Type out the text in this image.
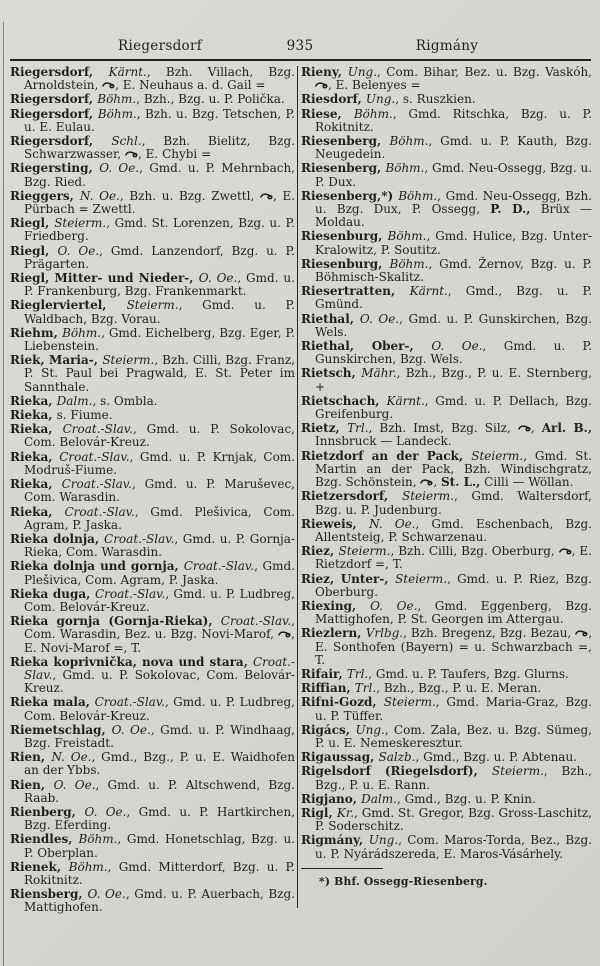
Riegersdorf	935	Rigmány
Riegersdorf, Kärnt., Bzh. Villach, Bzg. Arnoldstein,
, E. Neuhaus a. d. Gail =
Riegersdorf, Böhm., Bzh., Bzg. u. P. Polička.
Riegersdorf, Böhm., Bzh. u. Bzg. Tetschen, P. u. E. Eulau.
Riegersdorf, Schl., Bzh. Bielitz, Bzg. Schwarzwasser,
, E. Chybi =
Riegersting, O. Oe., Gmd. u. P. Mehrnbach, Bzg. Ried.
Rieggers, N. Oe., Bzh. u. Bzg. Zwettl,
, E. Pürbach = Zwettl.
Riegl, Steierm., Gmd. St. Lorenzen, Bzg. u. P. Friedberg.
Riegl, O. Oe., Gmd. Lanzendorf, Bzg. u. P. Prägarten.
Riegl, Mitter- und Nieder-, O. Oe., Gmd. u. P. Frankenburg, Bzg. Frankenmarkt.
Rieglerviertel, Steierm., Gmd. u. P. Waldbach, Bzg. Vorau.
Riehm, Böhm., Gmd. Eichelberg, Bzg. Eger, P. Liebenstein.
Riek, Maria-, Steierm., Bzh. Cilli, Bzg. Franz, P. St. Paul bei Pragwald, E. St. Peter im Sannthale.
Rieka, Dalm., s. Ombla.
Rieka, s. Fiume.
Rieka, Croat.-Slav., Gmd. u. P. Sokolovac, Com. Belovár-Kreuz.
Rieka, Croat.-Slav., Gmd. u. P. Krnjak, Com. Modruš-Fiume.
Rieka, Croat.-Slav., Gmd. u. P. Maruševec, Com. Warasdin.
Rieka, Croat.-Slav., Gmd. Plešivica, Com. Agram, P. Jaska.
Rieka dolnja, Croat.-Slav., Gmd. u. P. Gornja-Rieka, Com. Warasdin.
Rieka dolnja und gornja, Croat.-Slav., Gmd. Plešivica, Com. Agram, P. Jaska.
Rieka duga, Croat.-Slav., Gmd. u. P. Ludbreg, Com. Belovár-Kreuz.
Rieka gornja (Gornja-Rieka), Croat.-Slav., Com. Warasdin, Bez. u. Bzg. Novi-Marof,
, E. Novi-Marof =, T.
Rieka koprivnička, nova und stara, Croat.-Slav., Gmd. u. P. Sokolovac, Com. Belovár-Kreuz.
Rieka mala, Croat.-Slav., Gmd. u. P. Ludbreg, Com. Belovár-Kreuz.
Riemetschlag, O. Oe., Gmd. u. P. Windhaag, Bzg. Freistadt.
Rien, N. Oe., Gmd., Bzg., P. u. E. Waidhofen an der Ybbs.
Rien, O. Oe., Gmd. u. P. Altschwend, Bzg. Raab.
Rienberg, O. Oe., Gmd. u. P. Hartkirchen, Bzg. Eferding.
Riendles, Böhm., Gmd. Honetschlag, Bzg. u. P. Oberplan.
Rienek, Böhm., Gmd. Mitterdorf, Bzg. u. P. Rokitnitz.
Riensberg, O. Oe., Gmd. u. P. Auerbach, Bzg. Mattighofen.
Rieny, Ung., Com. Bihar, Bez. u. Bzg. Vaskóh,
, E. Belenyes =
Riesdorf, Ung., s. Ruszkien.
Riese, Böhm., Gmd. Ritschka, Bzg. u. P. Rokitnitz.
Riesenberg, Böhm., Gmd. u. P. Kauth, Bzg. Neugedein.
Riesenberg, Böhm., Gmd. Neu-Ossegg, Bzg. u. P. Dux.
Riesenberg,*) Böhm., Gmd. Neu-Ossegg, Bzh. u. Bzg. Dux, P. Ossegg, P. D., Brüx — Moldau.
Riesenburg, Böhm., Gmd. Hulice, Bzg. Unter-Kralowitz, P. Soutitz.
Riesenburg, Böhm., Gmd. Žernov, Bzg. u. P. Böhmisch-Skalitz.
Riesertratten, Kärnt., Gmd., Bzg. u. P. Gmünd.
Riethal, O. Oe., Gmd. u. P. Gunskirchen, Bzg. Wels.
Riethal, Ober-, O. Oe., Gmd. u. P. Gunskirchen, Bzg. Wels.
Rietsch, Mähr., Bzh., Bzg., P. u. E. Sternberg, +
Rietschach, Kärnt., Gmd. u. P. Dellach, Bzg. Greifenburg.
Rietz, Trl., Bzh. Imst, Bzg. Silz,
, Arl. B., Innsbruck — Landeck.
Rietzdorf an der Pack, Steierm., Gmd. St. Martin an der Pack, Bzh. Windischgratz, Bzg. Schönstein,
, St. L., Cilli — Wöllan.
Rietzersdorf, Steierm., Gmd. Waltersdorf, Bzg. u. P. Judenburg.
Rieweis, N. Oe., Gmd. Eschenbach, Bzg. Allentsteig, P. Schwarzenau.
Riez, Steierm., Bzh. Cilli, Bzg. Oberburg,
, E. Rietzdorf =, T.
Riez, Unter-, Steierm., Gmd. u. P. Riez, Bzg. Oberburg.
Riexing, O. Oe., Gmd. Eggenberg, Bzg. Mattighofen, P. St. Georgen im Attergau.
Riezlern, Vrlbg., Bzh. Bregenz, Bzg. Bezau,
, E. Sonthofen (Bayern) = u. Schwarzbach =, T.
Rifair, Trl., Gmd. u. P. Taufers, Bzg. Glurns.
Riffian, Trl., Bzh., Bzg., P. u. E. Meran.
Rifni-Gozd, Steierm., Gmd. Maria-Graz, Bzg. u. P. Tüffer.
Rigács, Ung., Com. Zala, Bez. u. Bzg. Sümeg, P. u. E. Nemeskeresztur.
Rigaussag, Salzb., Gmd., Bzg. u. P. Abtenau.
Rigelsdorf (Riegelsdorf), Steierm., Bzh., Bzg., P. u. E. Rann.
Rigjano, Dalm., Gmd., Bzg. u. P. Knin.
Rigl, Kr., Gmd. St. Gregor, Bzg. Gross-Laschitz, P. Soderschitz.
Rigmány, Ung., Com. Maros-Torda, Bez., Bzg. u. P. Nyárádszereda, E. Maros-Vásárhely.
*) Bhf. Ossegg-Riesenberg.
